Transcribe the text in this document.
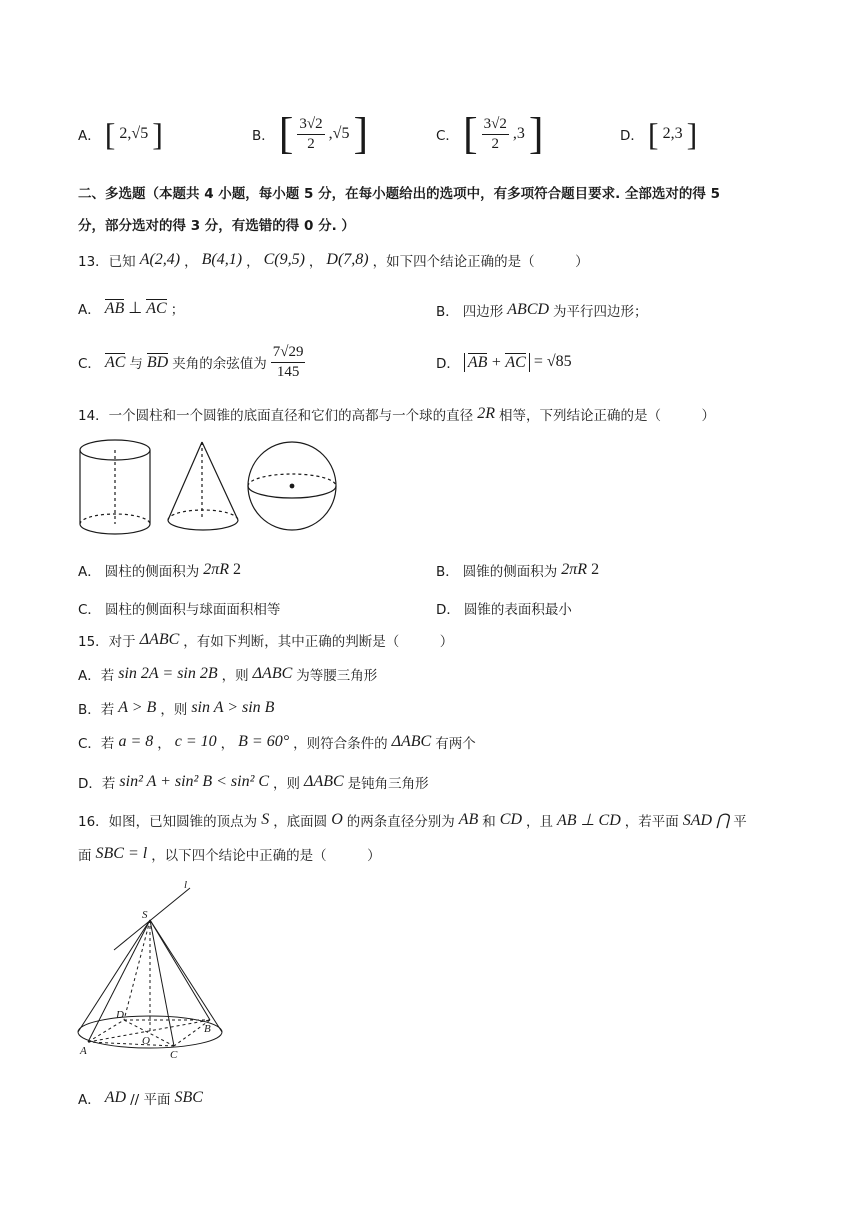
A． [ 2,√5 ]	B． [ $\frac{3√2}{2} ,√5$ ]	C． [ $\frac{3√2}{2} ,3$ ]	D． [ 2,3 ]
二、多选题（本题共 4 小题，每小题 5 分，在每小题给出的选项中，有多项符合题目要求. 全部选对的得 5
分，部分选对的得 3 分，有选错的得 0 分. ）
13．已知 A(2,4) ， B(4,1) ， C(9,5) ， D(7,8) ，如下四个结论正确的是（　　　）
A． AB ⊥ AC ；	B． 四边形 ABCD 为平行四边形；
C． AC 与 BD 夹角的余弦值为 $\frac{7√29}{145}$	D． AB + AC = √85
14．一个圆柱和一个圆锥的底面直径和它们的高都与一个球的直径 2R 相等，下列结论正确的是（　　　）
A． 圆柱的侧面积为 2πR 2	B． 圆锥的侧面积为 2πR 2
C． 圆柱的侧面积与球面面积相等	D． 圆锥的表面积最小
15．对于 ΔABC ，有如下判断，其中正确的判断是（　　　）
A．若 sin 2A = sin 2B ，则 ΔABC 为等腰三角形
B．若 A > B ，则 sin A > sin B
C．若 a = 8 ， c = 10 ， B = 60° ，则符合条件的 ΔABC 有两个
D．若 sin² A + sin² B < sin² C ，则 ΔABC 是钝角三角形
16．如图，已知圆锥的顶点为 S ，底面圆 O 的两条直径分别为 AB 和 CD ，且 AB ⊥ CD ，若平面 SAD ⋂ 平
面 SBC = l ，以下四个结论中正确的是（　　　）
S
l
D
B
O
A	C
A． AD // 平面 SBC
